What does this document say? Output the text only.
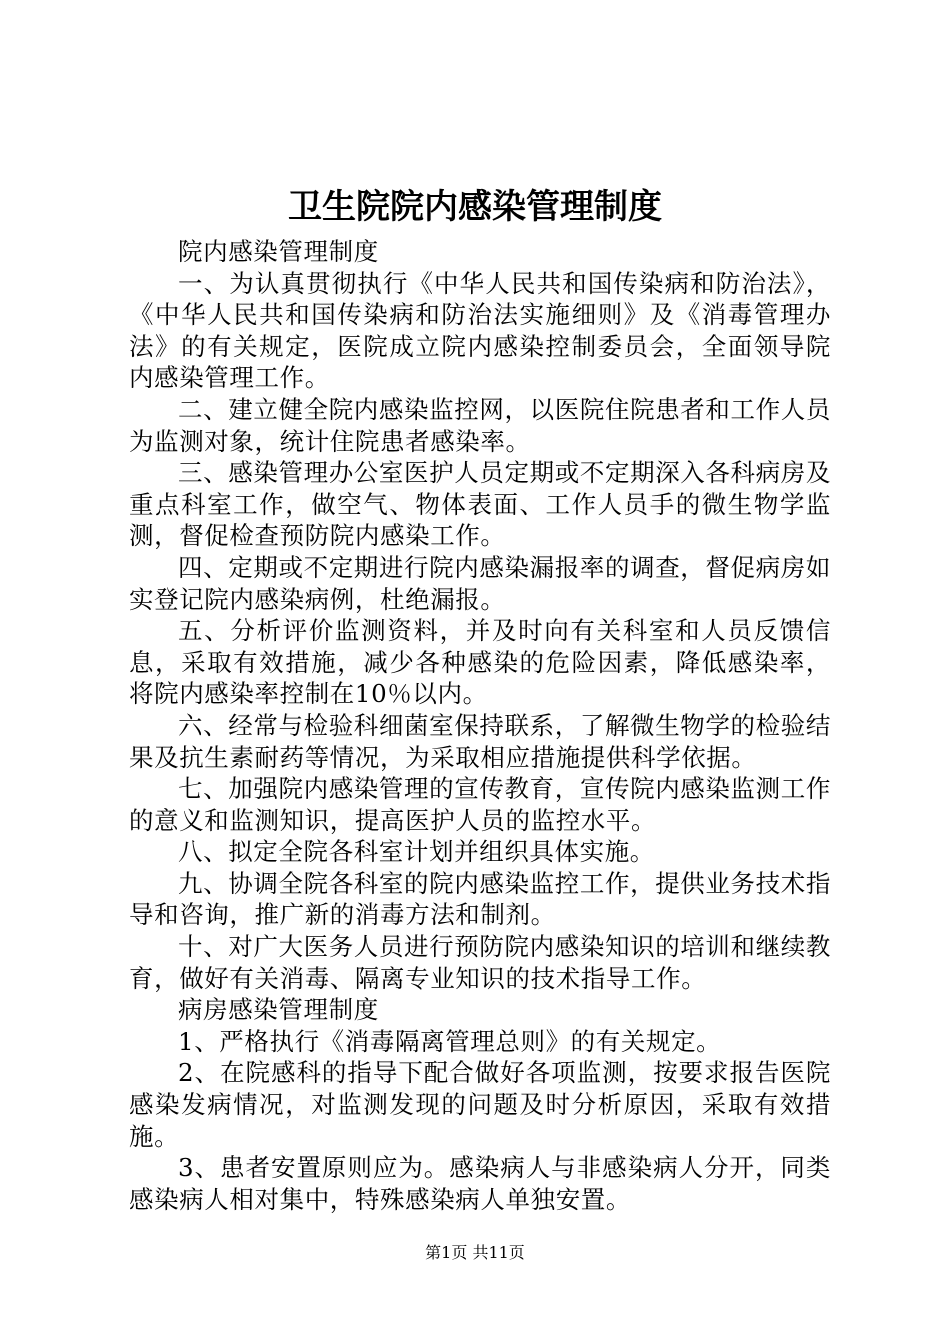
卫生院院内感染管理制度

院内感染管理制度

一、为认真贯彻执行《中华人民共和国传染病和防治法》，《中华人民共和国传染病和防治法实施细则》及《消毒管理办法》的有关规定，医院成立院内感染控制委员会，全面领导院内感染管理工作。

二、建立健全院内感染监控网，以医院住院患者和工作人员为监测对象，统计住院患者感染率。

三、感染管理办公室医护人员定期或不定期深入各科病房及重点科室工作，做空气、物体表面、工作人员手的微生物学监测，督促检查预防院内感染工作。

四、定期或不定期进行院内感染漏报率的调查，督促病房如实登记院内感染病例，杜绝漏报。

五、分析评价监测资料，并及时向有关科室和人员反馈信息，采取有效措施，减少各种感染的危险因素，降低感染率，将院内感染率控制在10％以内。

六、经常与检验科细菌室保持联系，了解微生物学的检验结果及抗生素耐药等情况，为采取相应措施提供科学依据。

七、加强院内感染管理的宣传教育，宣传院内感染监测工作的意义和监测知识，提高医护人员的监控水平。

八、拟定全院各科室计划并组织具体实施。

九、协调全院各科室的院内感染监控工作，提供业务技术指导和咨询，推广新的消毒方法和制剂。

十、对广大医务人员进行预防院内感染知识的培训和继续教育，做好有关消毒、隔离专业知识的技术指导工作。

病房感染管理制度

1、严格执行《消毒隔离管理总则》的有关规定。

2、在院感科的指导下配合做好各项监测，按要求报告医院感染发病情况，对监测发现的问题及时分析原因，采取有效措施。

3、患者安置原则应为。感染病人与非感染病人分开，同类感染病人相对集中，特殊感染病人单独安置。

第1页 共11页
